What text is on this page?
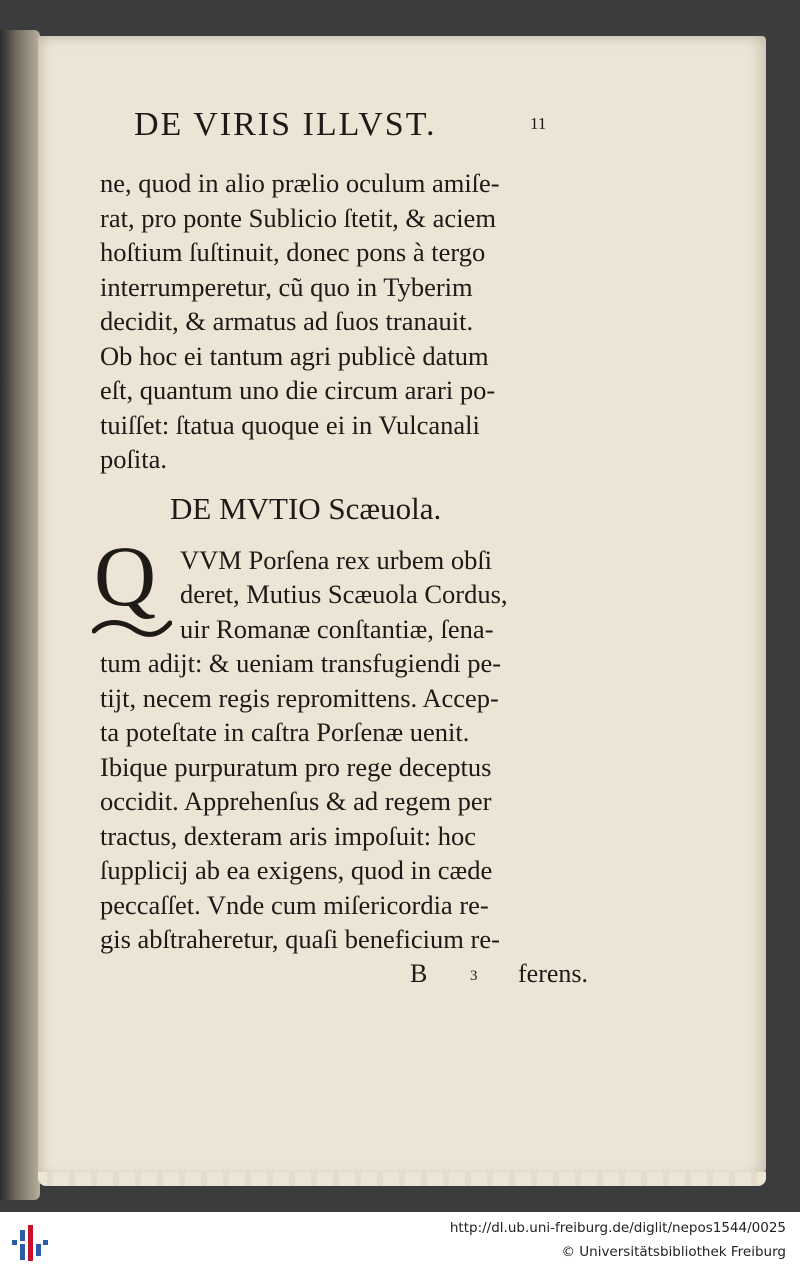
DE VIRIS ILLVST.	11
ne, quod in alio prælio oculum amiſe-
rat, pro ponte Sublicio ſtetit, & aciem
hoſtium ſuſtinuit, donec pons à tergo
interrumperetur, cũ quo in Tyberim
decidit, & armatus ad ſuos tranauit.
Ob hoc ei tantum agri publicè datum
eſt, quantum uno die circum arari po-
tuiſſet: ſtatua quoque ei in Vulcanali
poſita.
DE MVTIO Scæuola.
Q VVM Porſena rex urbem obſi
deret, Mutius Scæuola Cordus,
uir Romanæ conſtantiæ, ſena-
tum adijt: & ueniam transfugiendi pe-
tijt, necem regis repromittens. Accep-
ta poteſtate in caſtra Porſenæ uenit.
Ibique purpuratum pro rege deceptus
occidit. Apprehenſus & ad regem per
tractus, dexteram aris impoſuit: hoc
ſupplicij ab ea exigens, quod in cæde
peccaſſet. Vnde cum miſericordia re-
gis abſtraheretur, quaſi beneficium re-
B	3 ferens.
http://dl.ub.uni-freiburg.de/diglit/nepos1544/0025
© Universitätsbibliothek Freiburg
